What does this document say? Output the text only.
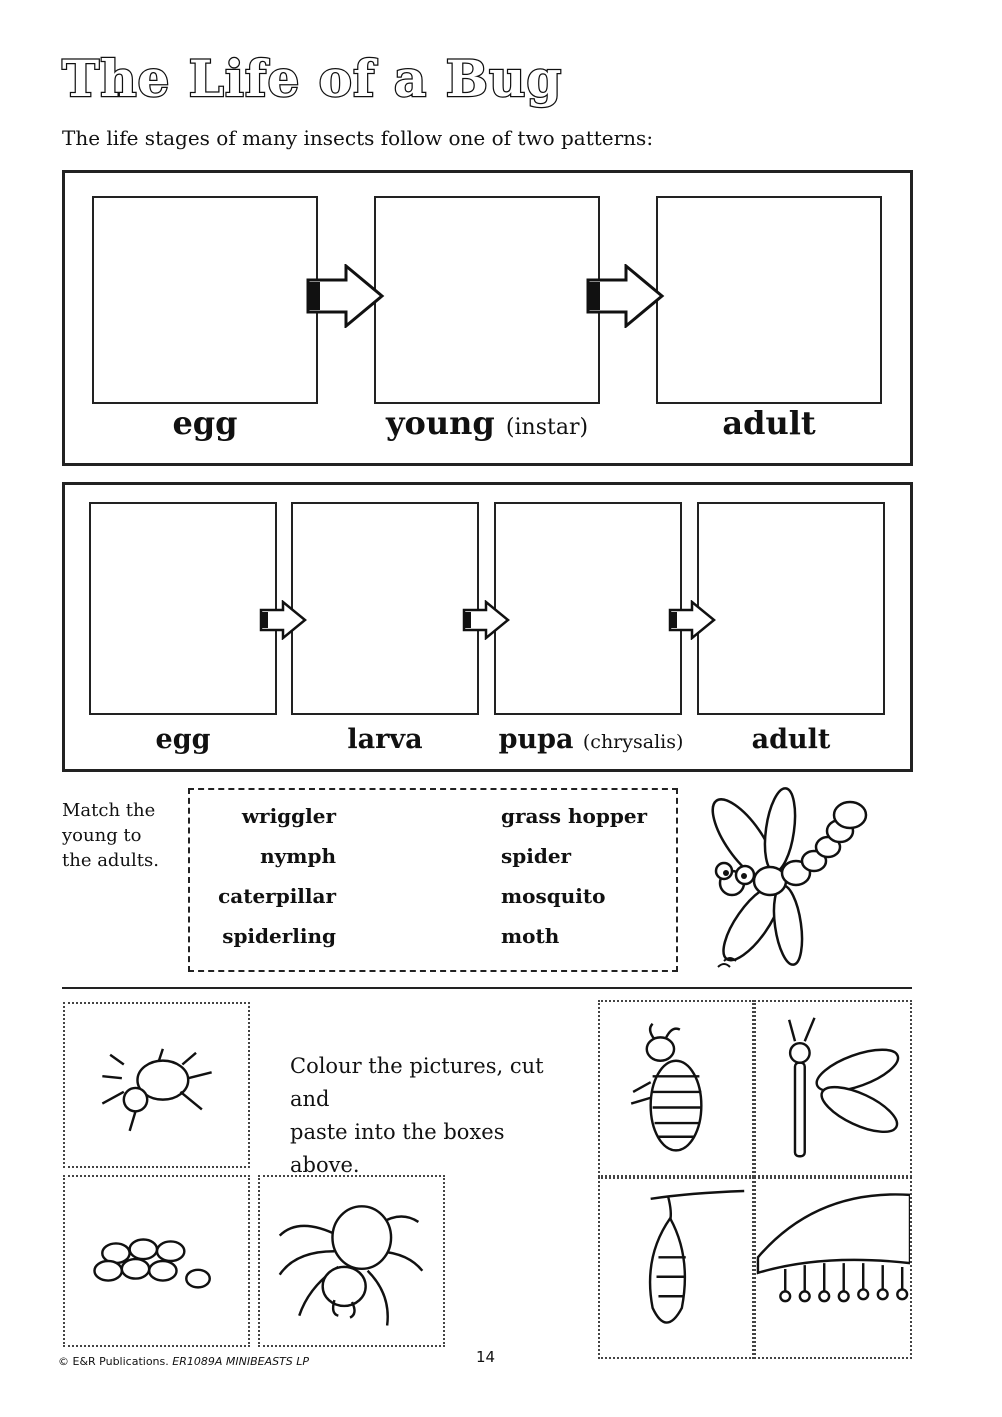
The Life of a Bug
The life stages of many insects follow one of two patterns:
egg	young (instar)	adult
egg	larva	pupa (chrysalis)	adult
Match the
young to
the adults.
wriggler
nymph
caterpillar
spiderling
grass hopper
spider
mosquito
moth
Colour the pictures, cut and
paste into the boxes above.
© E&R Publications. ER1089A MINIBEASTS LP	14
